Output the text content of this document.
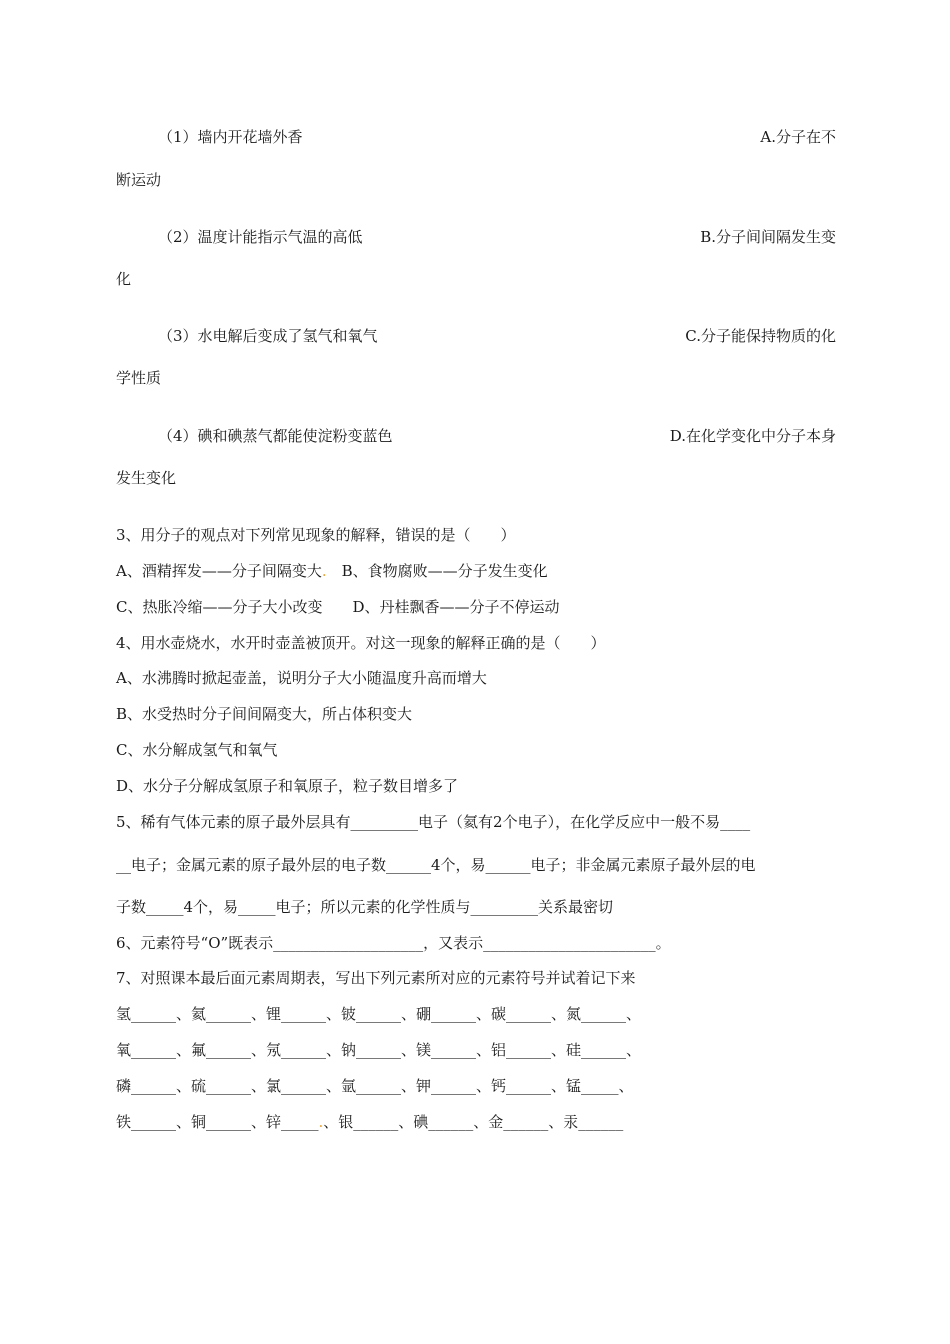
（1）墙内开花墙外香	A.分子在不
断运动
（2）温度计能指示气温的高低	B.分子间间隔发生变
化
（3）水电解后变成了氢气和氧气	C.分子能保持物质的化
学性质
（4）碘和碘蒸气都能使淀粉变蓝色	D.在化学变化中分子本身
发生变化
3、用分子的观点对下列常见现象的解释，错误的是（　　）
A、酒精挥发——分子间隔变大.　B、食物腐败——分子发生变化
C、热胀冷缩——分子大小改变　　D、丹桂飘香——分子不停运动
4、用水壶烧水，水开时壶盖被顶开。对这一现象的解释正确的是（　　）
A、水沸腾时掀起壶盖，说明分子大小随温度升高而增大
B、水受热时分子间间隔变大，所占体积变大
C、水分解成氢气和氧气
D、水分子分解成氢原子和氧原子，粒子数目增多了
5、稀有气体元素的原子最外层具有_________电子（氦有2个电子），在化学反应中一般不易____
__电子；金属元素的原子最外层的电子数______4个，易______电子；非金属元素原子最外层的电
子数_____4个，易_____电子；所以元素的化学性质与_________关系最密切
6、元素符号“O”既表示____________________，又表示_______________________。
7、对照课本最后面元素周期表，写出下列元素所对应的元素符号并试着记下来
氢______、氦______、锂______、铍______、硼______、碳______、氮______、
氧______、氟______、氖______、钠______、镁______、铝______、硅______、
磷______、硫______、氯______、氩______、钾______、钙______、锰_____、
铁______、铜______、锌_____.、银______、碘______、金______、汞______
